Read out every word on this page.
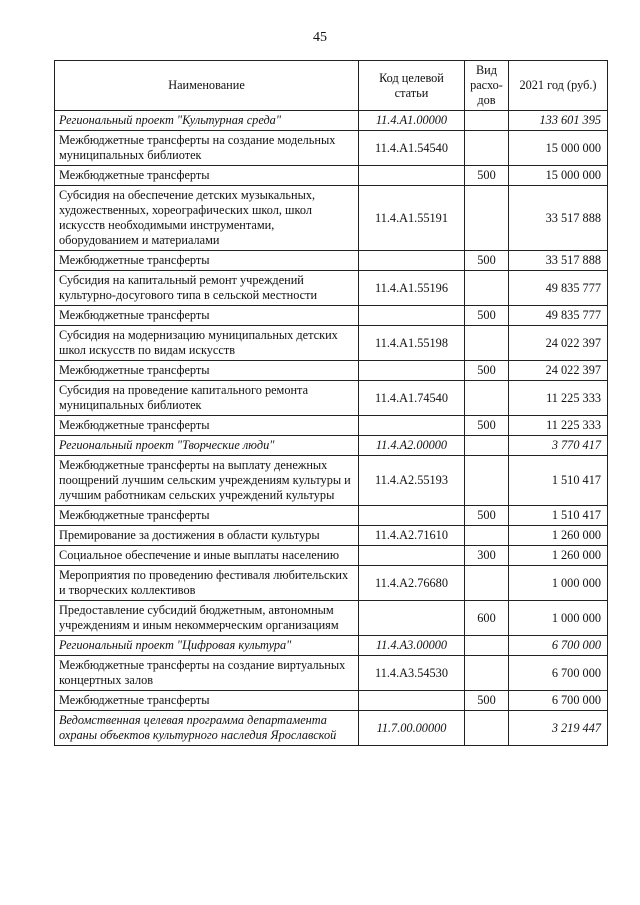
45
Наименование	Код целевой статьи	Вид расхо-дов	2021 год (руб.)
Региональный проект "Культурная среда"	11.4.A1.00000		133 601 395
Межбюджетные трансферты на создание модельных муниципальных библиотек	11.4.A1.54540		15 000 000
Межбюджетные трансферты		500	15 000 000
Субсидия на обеспечение детских музыкальных, художественных, хореографических школ, школ искусств необходимыми инструментами, оборудованием и материалами	11.4.A1.55191		33 517 888
Межбюджетные трансферты		500	33 517 888
Субсидия на капитальный ремонт учреждений культурно-досугового типа в сельской местности	11.4.A1.55196		49 835 777
Межбюджетные трансферты		500	49 835 777
Субсидия на модернизацию муниципальных детских школ искусств по видам искусств	11.4.A1.55198		24 022 397
Межбюджетные трансферты		500	24 022 397
Субсидия на проведение капитального ремонта муниципальных библиотек	11.4.A1.74540		11 225 333
Межбюджетные трансферты		500	11 225 333
Региональный проект "Творческие люди"	11.4.A2.00000		3 770 417
Межбюджетные трансферты на выплату денежных поощрений лучшим сельским учреждениям культуры и лучшим работникам сельских учреждений культуры	11.4.A2.55193		1 510 417
Межбюджетные трансферты		500	1 510 417
Премирование за достижения в области культуры	11.4.A2.71610		1 260 000
Социальное обеспечение и иные выплаты населению		300	1 260 000
Мероприятия по проведению фестиваля любительских и творческих коллективов	11.4.A2.76680		1 000 000
Предоставление субсидий бюджетным, автономным учреждениям и иным некоммерческим организациям		600	1 000 000
Региональный проект "Цифровая культура"	11.4.A3.00000		6 700 000
Межбюджетные трансферты на создание виртуальных концертных залов	11.4.A3.54530		6 700 000
Межбюджетные трансферты		500	6 700 000
Ведомственная целевая программа департамента охраны объектов культурного наследия Ярославской	11.7.00.00000		3 219 447
